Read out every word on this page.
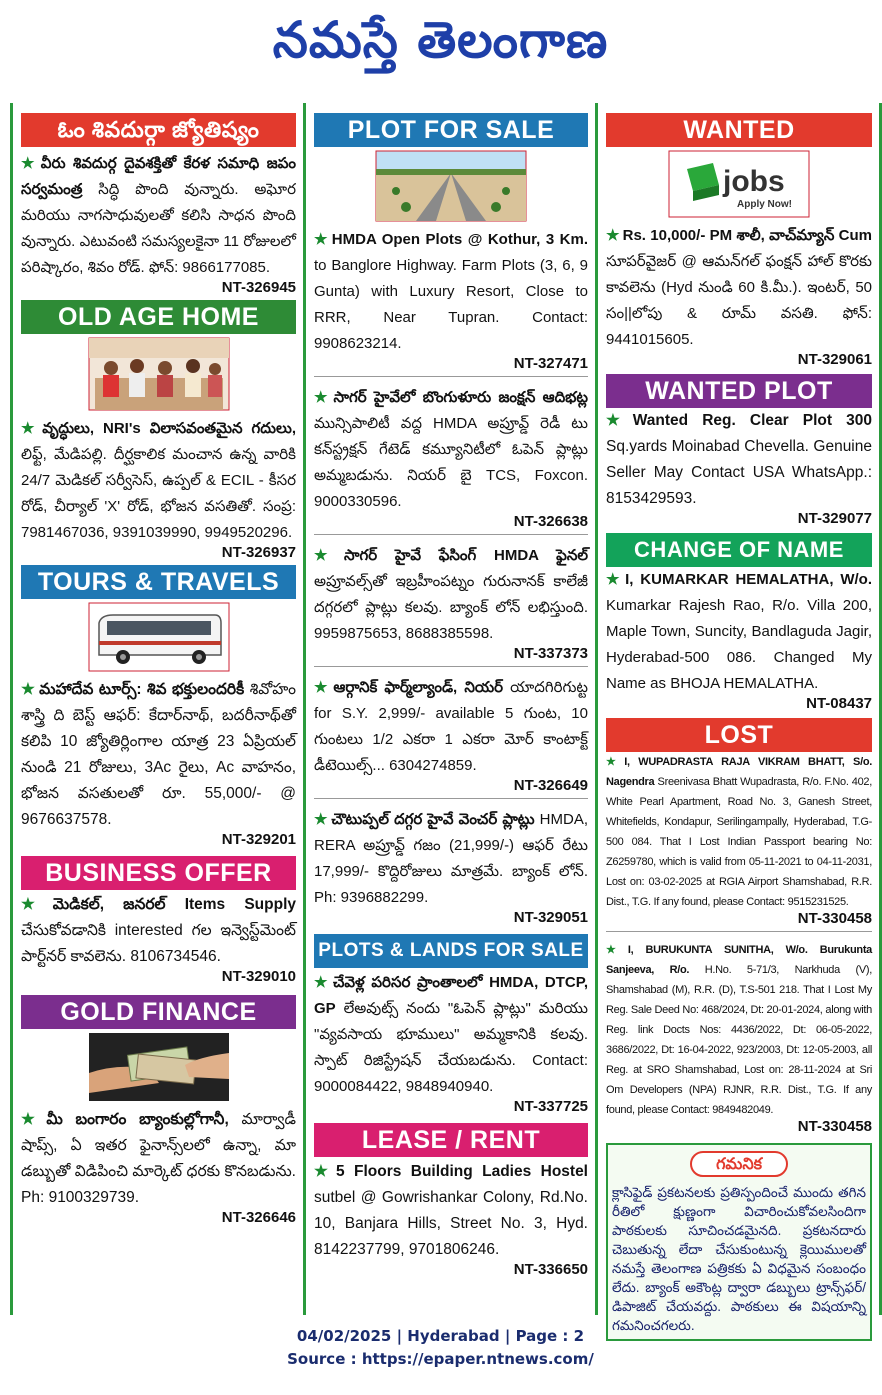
నమస్తే తెలంగాణ
ఓం శివదుర్గా జ్యోతిష్యం
★ వీరు శివదుర్గ దైవశక్తితో కేరళ సమాధి జపం సర్వమంత్ర సిద్ధి పొంది వున్నారు. అఘోర మరియు నాగసాధువులతో కలిసి సాధన పొంది వున్నారు. ఎటువంటి సమస్యలకైనా 11 రోజులలో పరిష్కారం, శివం రోడ్. ఫోన్: 9866177085.
NT-326945
OLD AGE HOME
★ వృద్ధులు, NRI's విలాసవంతమైన గదులు, లిఫ్ట్, మేడిపల్లి. దీర్ఘకాలిక మంచాన ఉన్న వారికి 24/7 మెడికల్ సర్వీసెస్, ఉప్పల్ & ECIL - కీసర రోడ్, చీర్యాల్ 'X' రోడ్, భోజన వసతితో. సంప్ర: 7981467036, 9391039990, 9949520296.
NT-326937
TOURS & TRAVELS
★ మహాదేవ టూర్స్: శివ భక్తులందరికీ శివోహం శాస్త్రి ది బెస్ట్ ఆఫర్: కేదార్‌నాథ్, బదరీనాథ్‌తో కలిపి 10 జ్యోతిర్లింగాల యాత్ర 23 ఏప్రియల్ నుండి 21 రోజులు, 3Ac రైలు, Ac వాహనం, భోజన వసతులతో రూ. 55,000/- @ 9676637578.
NT-329201
BUSINESS OFFER
★ మెడికల్, జనరల్ Items Supply చేసుకోవడానికి interested గల ఇన్వెస్ట్‌మెంట్ పార్ట్‌నర్ కావలెను. 8106734546.
NT-329010
GOLD FINANCE
★ మీ బంగారం బ్యాంకుల్లోగానీ, మార్వాడీ షాప్స్, ఏ ఇతర ఫైనాన్స్‌లలో ఉన్నా, మా డబ్బుతో విడిపించి మార్కెట్ ధరకు కొనబడును. Ph: 9100329739.
NT-326646
PLOT FOR SALE
★ HMDA Open Plots @ Kothur, 3 Km. to Banglore Highway. Farm Plots (3, 6, 9 Gunta) with Luxury Resort, Close to RRR, Near Tupran. Contact: 9908623214.
NT-327471
★ సాగర్ హైవేలో బొంగుళూరు జంక్షన్ ఆదిభట్ల మున్సిపాలిటీ వద్ద HMDA అప్రూవ్డ్ రెడీ టు కన్‌స్ట్రక్షన్ గేటెడ్ కమ్యూనిటీలో ఓపెన్ ప్లాట్లు అమ్మబడును. నియర్ బై TCS, Foxcon. 9000330596.
NT-326638
★ సాగర్ హైవే ఫేసింగ్ HMDA ఫైనల్ అప్రూవల్స్‌తో ఇబ్రహీంపట్నం గురునానక్ కాలేజీ దగ్గరలో ప్లాట్లు కలవు. బ్యాంక్ లోన్ లభిస్తుంది. 9959875653, 8688385598.
NT-337373
★ ఆర్గానిక్ ఫార్మ్‌ల్యాండ్, నియర్ యాదగిరిగుట్ట for S.Y. 2,999/- available 5 గుంట, 10 గుంటలు 1/2 ఎకరా 1 ఎకరా మోర్ కాంటాక్ట్ డీటెయిల్స్... 6304274859.
NT-326649
★ చౌటుప్పల్ దగ్గర హైవే వెంచర్ ప్లాట్లు HMDA, RERA అప్రూవ్డ్ గజం (21,999/-) ఆఫర్ రేటు 17,999/- కొద్దిరోజులు మాత్రమే. బ్యాంక్ లోన్. Ph: 9396882299.
NT-329051
PLOTS & LANDS FOR SALE
★ చేవెళ్ల పరిసర ప్రాంతాలలో HMDA, DTCP, GP లేఅవుట్స్ నందు "ఓపెన్ ప్లాట్లు" మరియు "వ్యవసాయ భూములు" అమ్మకానికి కలవు. స్పాట్ రిజిస్ట్రేషన్ చేయబడును. Contact: 9000084422, 9848940940.
NT-337725
LEASE / RENT
★ 5 Floors Building Ladies Hostel sutbel @ Gowrishankar Colony, Rd.No. 10, Banjara Hills, Street No. 3, Hyd. 8142237799, 9701806246.
NT-336650
WANTED
jobs
Apply Now!
★ Rs. 10,000/- PM శాలీ, వాచ్‌మ్యాన్ Cum సూపర్‌వైజర్ @ ఆమన్‌గల్ ఫంక్షన్ హాల్ కొరకు కావలెను (Hyd నుండి 60 కి.మీ.). ఇంటర్, 50 సం||లోపు & రూమ్ వసతి. ఫోన్: 9441015605.
NT-329061
WANTED PLOT
★ Wanted Reg. Clear Plot 300 Sq.yards Moinabad Chevella. Genuine Seller May Contact USA WhatsApp.: 8153429593.
NT-329077
CHANGE OF NAME
★ I, KUMARKAR HEMALATHA, W/o. Kumarkar Rajesh Rao, R/o. Villa 200, Maple Town, Suncity, Bandlaguda Jagir, Hyderabad-500 086. Changed My Name as BHOJA HEMALATHA.
NT-08437
LOST
★ I, WUPADRASTA RAJA VIKRAM BHATT, S/o. Nagendra Sreenivasa Bhatt Wupadrasta, R/o. F.No. 402, White Pearl Apartment, Road No. 3, Ganesh Street, Whitefields, Kondapur, Serilingampally, Hyderabad, T.G-500 084. That I Lost Indian Passport bearing No: Z6259780, which is valid from 05-11-2021 to 04-11-2031, Lost on: 03-02-2025 at RGIA Airport Shamshabad, R.R. Dist., T.G. If any found, please Contact: 9515231525.
NT-330458
★ I, BURUKUNTA SUNITHA, W/o. Burukunta Sanjeeva, R/o. H.No. 5-71/3, Narkhuda (V), Shamshabad (M), R.R. (D), T.S-501 218. That I Lost My Reg. Sale Deed No: 468/2024, Dt: 20-01-2024, along with Reg. link Docts Nos: 4436/2022, Dt: 06-05-2022, 3686/2022, Dt: 16-04-2022, 923/2003, Dt: 12-05-2003, all Reg. at SRO Shamshabad, Lost on: 28-11-2024 at Sri Om Developers (NPA) RJNR, R.R. Dist., T.G. If any found, please Contact: 9849482049.
NT-330458
గమనిక
క్లాసిఫైడ్ ప్రకటనలకు ప్రతిస్పందించే ముందు తగిన రీతిలో క్షుణ్ణంగా విచారించుకోవలసిందిగా పాఠకులకు సూచించడమైనది. ప్రకటనదారు చెబుతున్న లేదా చేసుకుంటున్న క్లెయిములతో నమస్తే తెలంగాణ పత్రికకు ఏ విధమైన సంబంధం లేదు. బ్యాంక్ అకౌంట్ల ద్వారా డబ్బులు ట్రాన్స్‌ఫర్/డిపాజిట్ చేయవద్దు. పాఠకులు ఈ విషయాన్ని గమనించగలరు.
04/02/2025 | Hyderabad | Page : 2
Source : https://epaper.ntnews.com/
